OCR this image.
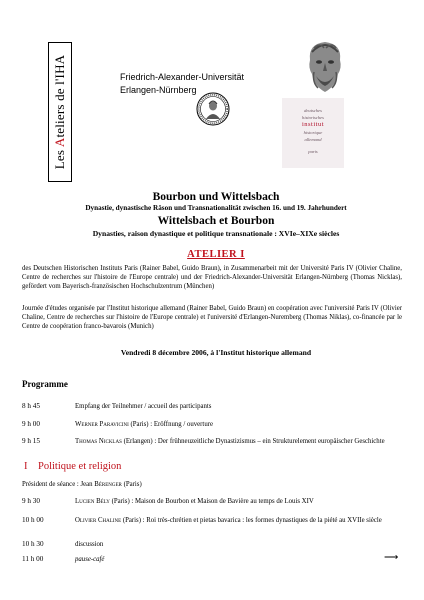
Les Ateliers de l'IHA	Friedrich-Alexander-Universität
Erlangen-Nürnberg
deutsches
historisches
institut
historique
allemand
paris
Bourbon und Wittelsbach
Dynastie, dynastische Räson und Transnationalität zwischen 16. und 19. Jahrhundert
Wittelsbach et Bourbon
Dynasties, raison dynastique et politique transnationale : XVIe–XIXe siècles
ATELIER I
des Deutschen Historischen Instituts Paris (Rainer Babel, Guido Braun), in Zusammenarbeit mit der Université Paris IV (Olivier Chaline, Centre de recherches sur l'histoire de l'Europe centrale) und der Friedrich-Alexander-Universität Erlangen-Nürnberg (Thomas Nicklas), gefördert vom Bayerisch-französischen Hochschulzentrum (München)
Journée d'études organisée par l'Institut historique allemand (Rainer Babel, Guido Braun) en coopération avec l'université Paris IV (Olivier Chaline, Centre de recherches sur l'histoire de l'Europe centrale) et l'université d'Erlangen-Nuremberg (Thomas Niklas), co-financée par le Centre de coopération franco-bavarois (Munich)
Vendredi 8 décembre 2006, à l'Institut historique allemand
Programme
8 h 45	Empfang der Teilnehmer / accueil des participants
9 h 00	Werner Paravicini (Paris) : Eröffnung / ouverture
9 h 15	Thomas Nicklas (Erlangen) : Der frühneuzeitliche Dynastizismus – ein Strukturelement europäischer Geschichte
I Politique et religion
Président de séance : Jean Bérenger (Paris)
9 h 30	Lucien Bély (Paris) : Maison de Bourbon et Maison de Bavière au temps de Louis XIV
10 h 00	Olivier Chaline (Paris) : Roi très-chrétien et pietas bavarica : les formes dynastiques de la piété au XVIIe siècle
10 h 30	discussion
11 h 00	pause-café	⟶
